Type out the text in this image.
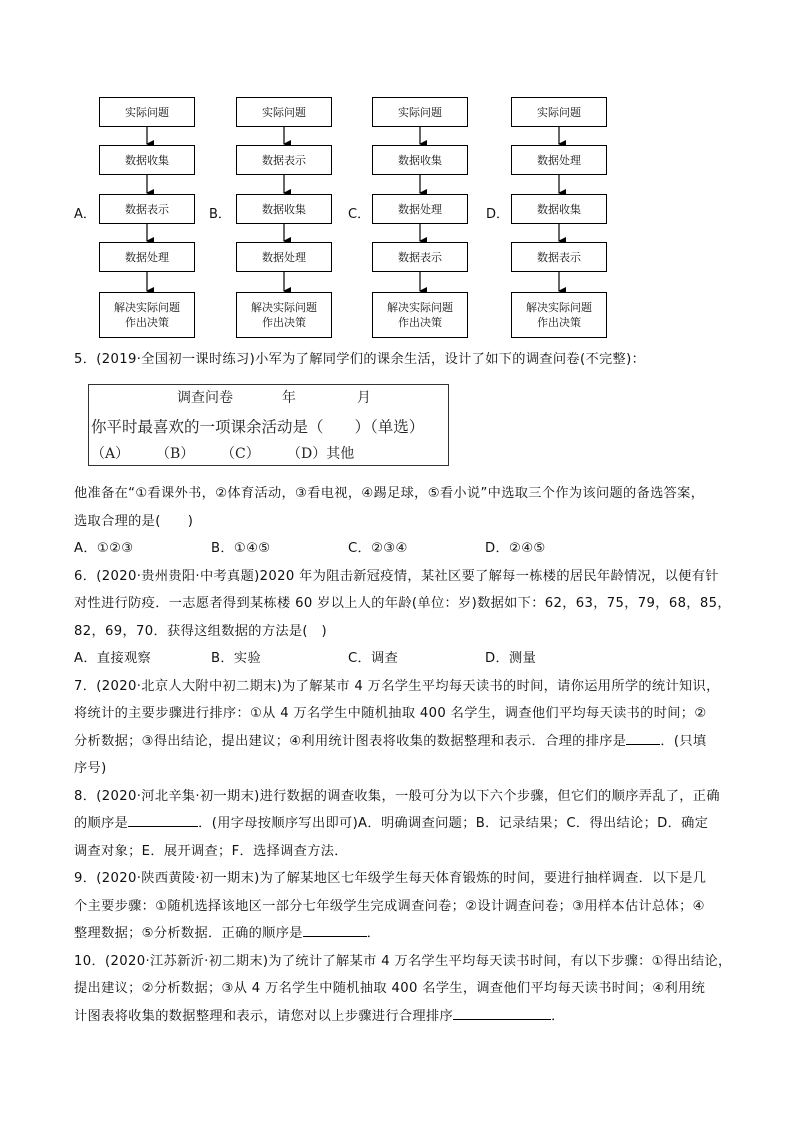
A．
实际问题
数据收集
数据表示
数据处理
解决实际问题
作出决策
B．
实际问题
数据表示
数据收集
数据处理
解决实际问题
作出决策
C．
实际问题
数据收集
数据处理
数据表示
解决实际问题
作出决策
D．
实际问题
数据处理
数据收集
数据表示
解决实际问题
作出决策

5．(2019·全国初一课时练习)小军为了解同学们的课余生活，设计了如下的调查问卷(不完整)：

调查问卷	年	月
你平时最喜欢的一项课余活动是（　　）（单选）
（A） （B） （C） （D）其他

他准备在“①看课外书，②体育活动，③看电视，④踢足球，⑤看小说”中选取三个作为该问题的备选答案，

选取合理的是(　　)

A．①②③	B．①④⑤	C．②③④	D．②④⑤

6．(2020·贵州贵阳·中考真题)2020 年为阻击新冠疫情，某社区要了解每一栋楼的居民年龄情况，以便有针

对性进行防疫．一志愿者得到某栋楼 60 岁以上人的年龄(单位：岁)数据如下：62，63，75，79，68，85，

82，69，70．获得这组数据的方法是(　)

A．直接观察	B．实验	C．调查	D．测量

7．(2020·北京人大附中初二期末)为了解某市 4 万名学生平均每天读书的时间，请你运用所学的统计知识，

将统计的主要步骤进行排序：①从 4 万名学生中随机抽取 400 名学生，调查他们平均每天读书的时间；②

分析数据；③得出结论，提出建议；④利用统计图表将收集的数据整理和表示．合理的排序是	．(只填

序号)

8．(2020·河北辛集·初一期末)进行数据的调查收集，一般可分为以下六个步骤，但它们的顺序弄乱了，正确

的顺序是	．(用字母按顺序写出即可)A．明确调查问题；B．记录结果；C．得出结论；D．确定

调查对象；E．展开调查；F．选择调查方法．

9．(2020·陕西黄陵·初一期末)为了解某地区七年级学生每天体育锻炼的时间，要进行抽样调查．以下是几

个主要步骤：①随机选择该地区一部分七年级学生完成调查问卷；②设计调查问卷；③用样本估计总体；④

整理数据；⑤分析数据．正确的顺序是	．

10．(2020·江苏新沂·初二期末)为了统计了解某市 4 万名学生平均每天读书时间，有以下步骤：①得出结论，

提出建议；②分析数据；③从 4 万名学生中随机抽取 400 名学生，调查他们平均每天读书时间；④利用统

计图表将收集的数据整理和表示，请您对以上步骤进行合理排序	．
